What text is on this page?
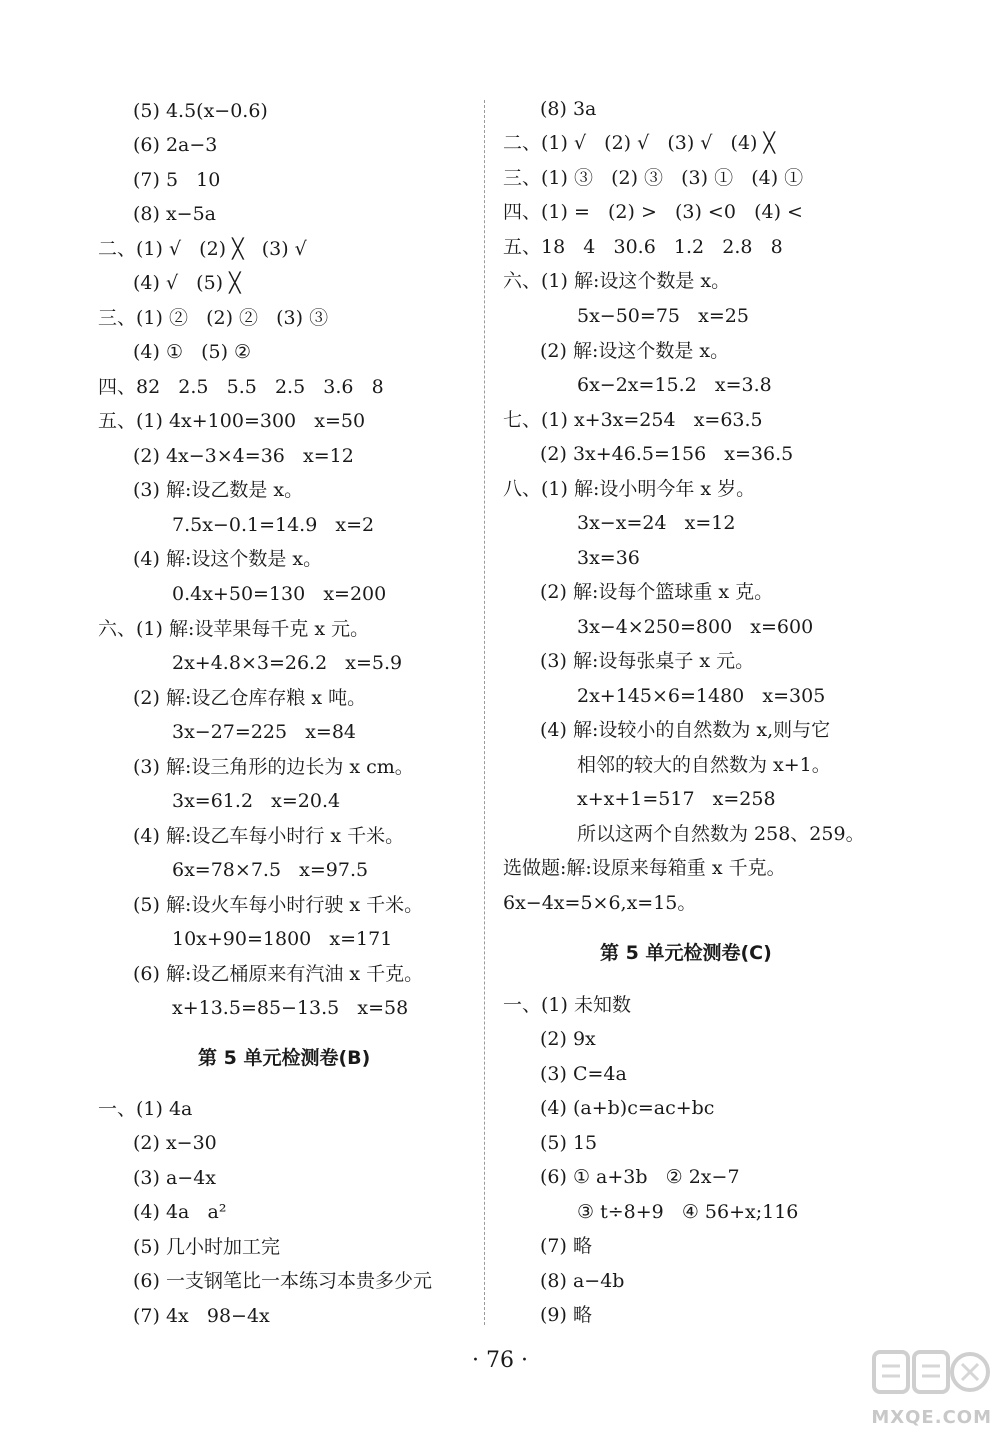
(5) 4.5(x−0.6)
(6) 2a−3
(7) 5   10
(8) x−5a
二、(1) √   (2) ╳   (3) √
(4) √   (5) ╳
三、(1) ②   (2) ②   (3) ③
(4) ①   (5) ②
四、82   2.5   5.5   2.5   3.6   8
五、(1) 4x+100=300   x=50
(2) 4x−3×4=36   x=12
(3) 解:设乙数是 x。
7.5x−0.1=14.9   x=2
(4) 解:设这个数是 x。
0.4x+50=130   x=200
六、(1) 解:设苹果每千克 x 元。
2x+4.8×3=26.2   x=5.9
(2) 解:设乙仓库存粮 x 吨。
3x−27=225   x=84
(3) 解:设三角形的边长为 x cm。
3x=61.2   x=20.4
(4) 解:设乙车每小时行 x 千米。
6x=78×7.5   x=97.5
(5) 解:设火车每小时行驶 x 千米。
10x+90=1800   x=171
(6) 解:设乙桶原来有汽油 x 千克。
x+13.5=85−13.5   x=58
第 5 单元检测卷(B)
一、(1) 4a
(2) x−30
(3) a−4x
(4) 4a   a²
(5) 几小时加工完
(6) 一支钢笔比一本练习本贵多少元
(7) 4x   98−4x
(8) 3a
二、(1) √   (2) √   (3) √   (4) ╳
三、(1) ③   (2) ③   (3) ①   (4) ①
四、(1) =   (2) >   (3) <0   (4) <
五、18   4   30.6   1.2   2.8   8
六、(1) 解:设这个数是 x。
5x−50=75   x=25
(2) 解:设这个数是 x。
6x−2x=15.2   x=3.8
七、(1) x+3x=254   x=63.5
(2) 3x+46.5=156   x=36.5
八、(1) 解:设小明今年 x 岁。
3x−x=24   x=12
3x=36
(2) 解:设每个篮球重 x 克。
3x−4×250=800   x=600
(3) 解:设每张桌子 x 元。
2x+145×6=1480   x=305
(4) 解:设较小的自然数为 x,则与它
相邻的较大的自然数为 x+1。
x+x+1=517   x=258
所以这两个自然数为 258、259。
选做题:解:设原来每箱重 x 千克。
6x−4x=5×6,x=15。
第 5 单元检测卷(C)
一、(1) 未知数
(2) 9x
(3) C=4a
(4) (a+b)c=ac+bc
(5) 15
(6) ① a+3b   ② 2x−7
③ t÷8+9   ④ 56+x;116
(7) 略
(8) a−4b
(9) 略
· 76 ·
MXQE.COM
